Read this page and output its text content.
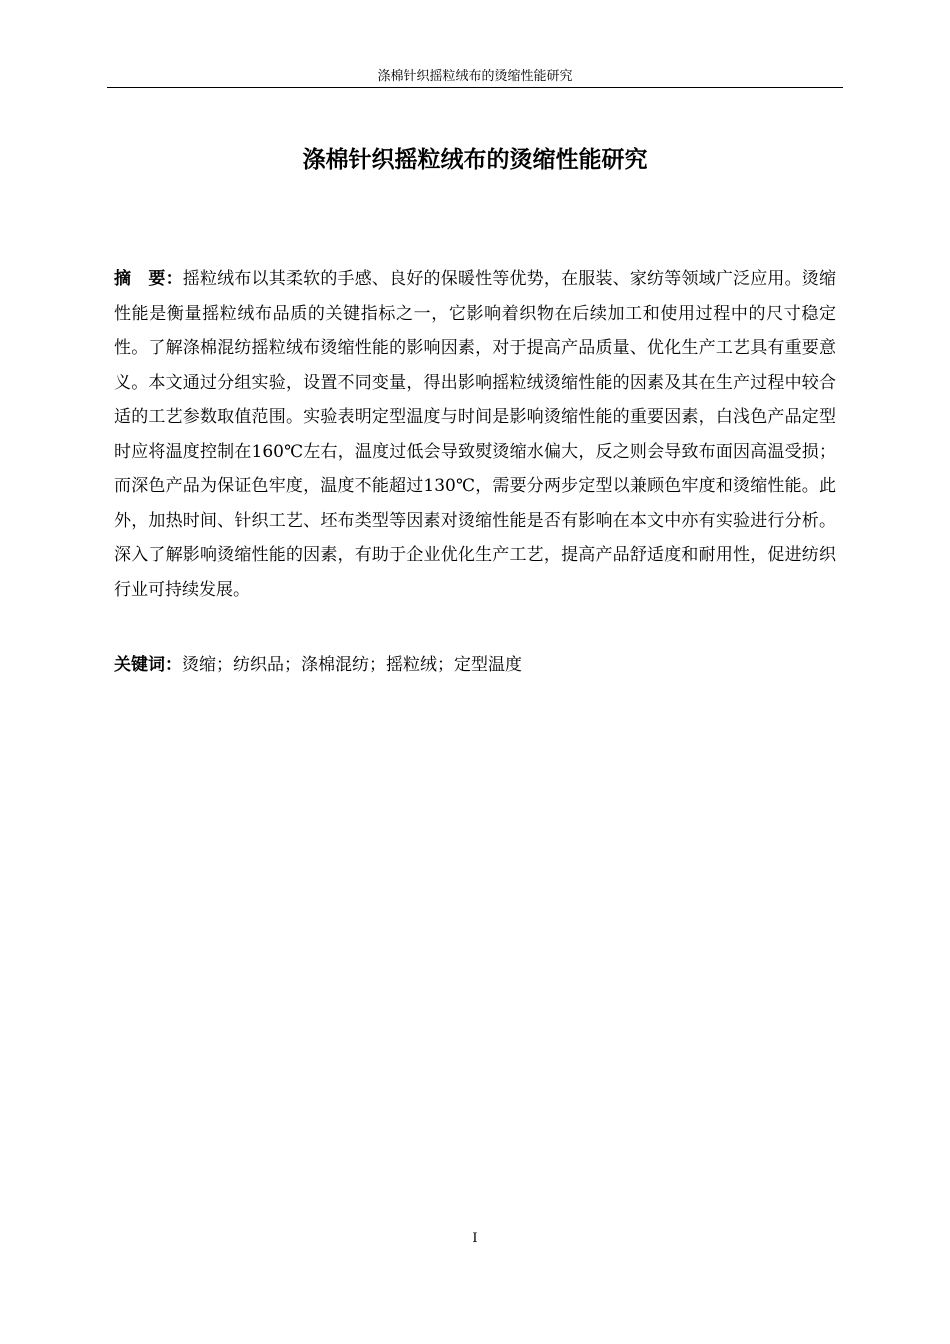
涤棉针织摇粒绒布的烫缩性能研究
涤棉针织摇粒绒布的烫缩性能研究

摘　要：摇粒绒布以其柔软的手感、良好的保暖性等优势，在服装、家纺等领域广泛应用。烫缩性能是衡量摇粒绒布品质的关键指标之一，它影响着织物在后续加工和使用过程中的尺寸稳定性。了解涤棉混纺摇粒绒布烫缩性能的影响因素，对于提高产品质量、优化生产工艺具有重要意义。本文通过分组实验，设置不同变量，得出影响摇粒绒烫缩性能的因素及其在生产过程中较合适的工艺参数取值范围。实验表明定型温度与时间是影响烫缩性能的重要因素，白浅色产品定型时应将温度控制在160℃左右，温度过低会导致熨烫缩水偏大，反之则会导致布面因高温受损；而深色产品为保证色牢度，温度不能超过130℃，需要分两步定型以兼顾色牢度和烫缩性能。此外，加热时间、针织工艺、坯布类型等因素对烫缩性能是否有影响在本文中亦有实验进行分析。深入了解影响烫缩性能的因素，有助于企业优化生产工艺，提高产品舒适度和耐用性，促进纺织行业可持续发展。

关键词：烫缩；纺织品；涤棉混纺；摇粒绒；定型温度

I
